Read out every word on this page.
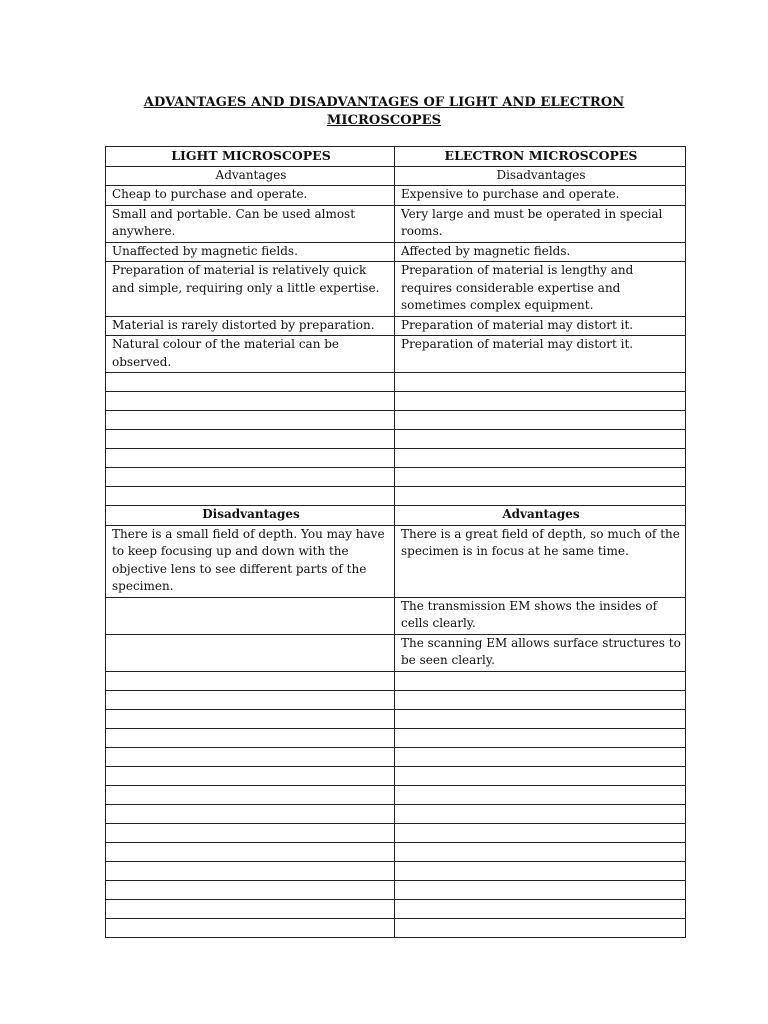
ADVANTAGES AND DISADVANTAGES OF LIGHT AND ELECTRON
MICROSCOPES
LIGHT MICROSCOPES	ELECTRON MICROSCOPES
Advantages	Disadvantages
Cheap to purchase and operate.	Expensive to purchase and operate.
Small and portable. Can be used almost anywhere.	Very large and must be operated in special rooms.
Unaffected by magnetic fields.	Affected by magnetic fields.
Preparation of material is relatively quick and simple, requiring only a little expertise.	Preparation of material is lengthy and requires considerable expertise and sometimes complex equipment.
Material is rarely distorted by preparation.	Preparation of material may distort it.
Natural colour of the material can be observed.	Preparation of material may distort it.

Disadvantages	Advantages
There is a small field of depth. You may have to keep focusing up and down with the objective lens to see different parts of the specimen.	There is a great field of depth, so much of the specimen is in focus at he same time.
	The transmission EM shows the insides of cells clearly.
	The scanning EM allows surface structures to be seen clearly.
